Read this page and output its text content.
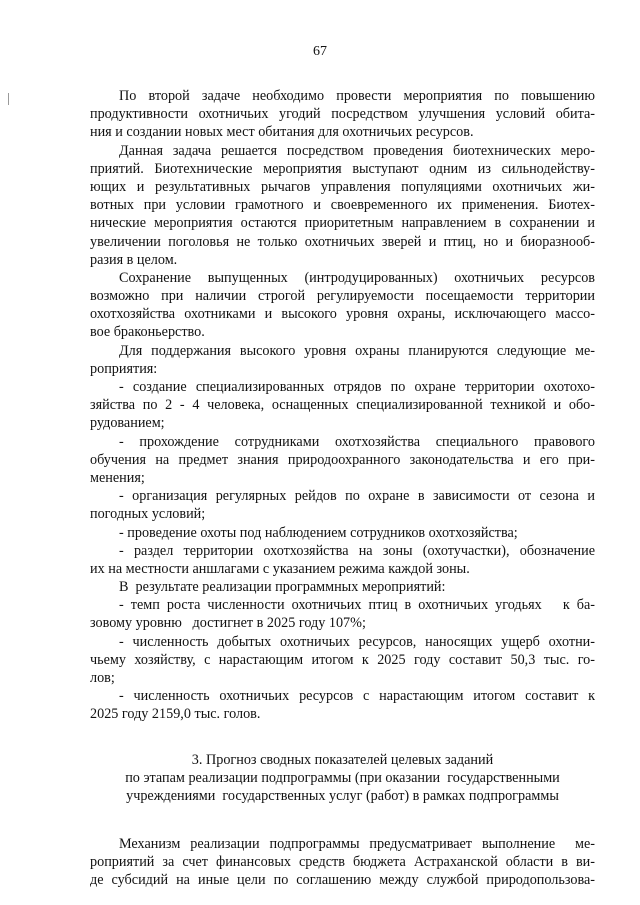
67
По второй задаче необходимо провести мероприятия по повышению
продуктивности охотничьих угодий посредством улучшения условий обита-
ния и создании новых мест обитания для охотничьих ресурсов.
Данная задача решается посредством проведения биотехнических меро-
приятий. Биотехнические мероприятия выступают одним из сильнодейству-
ющих и результативных рычагов управления популяциями охотничьих жи-
вотных при условии грамотного и своевременного их применения. Биотех-
нические мероприятия остаются приоритетным направлением в сохранении и
увеличении поголовья не только охотничьих зверей и птиц, но и биоразнооб-
разия в целом.
Сохранение выпущенных (интродуцированных) охотничьих ресурсов
возможно при наличии строгой регулируемости посещаемости территории
охотхозяйства охотниками и высокого уровня охраны, исключающего массо-
вое браконьерство.
Для поддержания высокого уровня охраны планируются следующие ме-
роприятия:
- создание специализированных отрядов по охране территории охотохо-
зяйства по 2 - 4 человека, оснащенных специализированной техникой и обо-
рудованием;
- прохождение сотрудниками охотхозяйства специального правового
обучения на предмет знания природоохранного законодательства и его при-
менения;
- организация регулярных рейдов по охране в зависимости от сезона и
погодных условий;
- проведение охоты под наблюдением сотрудников охотхозяйства;
- раздел территории охотхозяйства на зоны (охотучастки), обозначение
их на местности аншлагами с указанием режима каждой зоны.
В  результате реализации программных мероприятий:
- темп роста численности охотничьих птиц в охотничьих угодьях   к ба-
зовому уровню   достигнет в 2025 году 107%;
- численность добытых охотничьих ресурсов, наносящих ущерб охотни-
чьему хозяйству, с нарастающим итогом к 2025 году составит 50,3 тыс. го-
лов;
- численность охотничьих ресурсов с нарастающим итогом составит к
2025 году 2159,0 тыс. голов.
3. Прогноз сводных показателей целевых заданий
по этапам реализации подпрограммы (при оказании  государственными
учреждениями  государственных услуг (работ) в рамках подпрограммы
Механизм реализации подпрограммы предусматривает выполнение  ме-
роприятий за счет финансовых средств бюджета Астраханской области в ви-
де субсидий на иные цели по соглашению между службой природопользова-
